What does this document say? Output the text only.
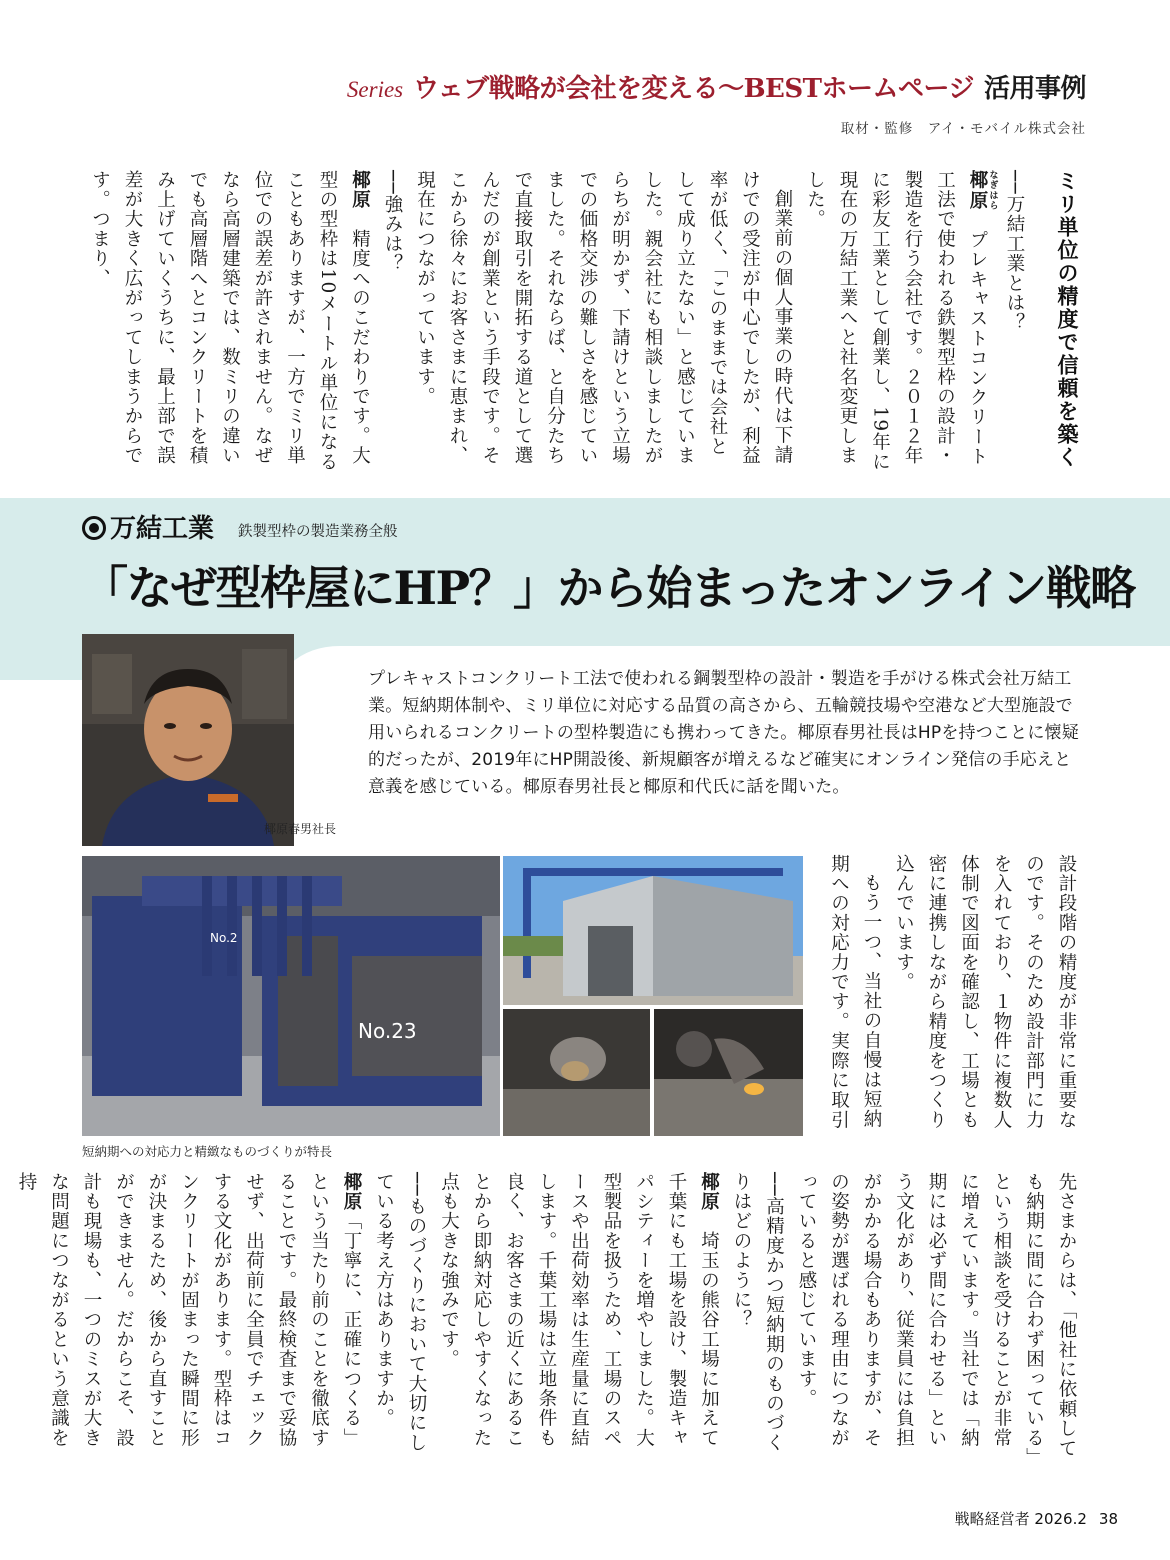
Series ウェブ戦略が会社を変える〜BESTホームページ 活用事例
取材・監修　アイ・モバイル株式会社
ミリ単位の精度で信頼を築く

──万結工業とは？

椰原 なぎはら　プレキャストコンクリート工法で使われる鉄製型枠の設計・製造を行う会社です。２０１２年に彩友工業として創業し、19年に現在の万結工業へと社名変更しました。

創業前の個人事業の時代は下請けでの受注が中心でしたが、利益率が低く、「このままでは会社として成り立たない」と感じていました。親会社にも相談しましたがらちが明かず、下請けという立場での価格交渉の難しさを感じていました。それならば、と自分たちで直接取引を開拓する道として選んだのが創業という手段です。そこから徐々にお客さまに恵まれ、現在につながっています。

──強みは？

椰原　精度へのこだわりです。大型の型枠は10メートル単位になることもありますが、一方でミリ単位での誤差が許されません。なぜなら高層建築では、数ミリの違いでも高層階へとコンクリートを積み上げていくうちに、最上部で誤差が大きく広がってしまうからです。つまり、

万結工業 鉄製型枠の製造業務全般
「なぜ型枠屋にHP？」から始まったオンライン戦略
椰原春男社長
プレキャストコンクリート工法で使われる鋼製型枠の設計・製造を手がける株式会社万結工業。短納期体制や、ミリ単位に対応する品質の高さから、五輪競技場や空港など大型施設で用いられるコンクリートの型枠製造にも携わってきた。椰原春男社長はHPを持つことに懐疑的だったが、2019年にHP開設後、新規顧客が増えるなど確実にオンライン発信の手応えと意義を感じている。椰原春男社長と椰原和代氏に話を聞いた。
No.2
No.23
短納期への対応力と精緻なものづくりが特長

設計段階の精度が非常に重要なのです。そのため設計部門に力を入れており、１物件に複数人体制で図面を確認し、工場とも密に連携しながら精度をつくり込んでいます。

もう一つ、当社の自慢は短納期への対応力です。実際に取引

先さまからは、「他社に依頼しても納期に間に合わず困っている」という相談を受けることが非常に増えています。当社では「納期には必ず間に合わせる」という文化があり、従業員には負担がかかる場合もありますが、その姿勢が選ばれる理由につながっていると感じています。

──高精度かつ短納期のものづくりはどのように？

椰原　埼玉の熊谷工場に加えて千葉にも工場を設け、製造キャパシティーを増やしました。大型製品を扱うため、工場のスペースや出荷効率は生産量に直結します。千葉工場は立地条件も良く、お客さまの近くにあることから即納対応しやすくなった点も大きな強みです。

──ものづくりにおいて大切にしている考え方はありますか。

椰原「丁寧に、正確につくる」という当たり前のことを徹底することです。最終検査まで妥協せず、出荷前に全員でチェックする文化があります。型枠はコンクリートが固まった瞬間に形が決まるため、後から直すことができません。だからこそ、設計も現場も、一つのミスが大きな問題につながるという意識を持

戦略経営者 2026.2 38
